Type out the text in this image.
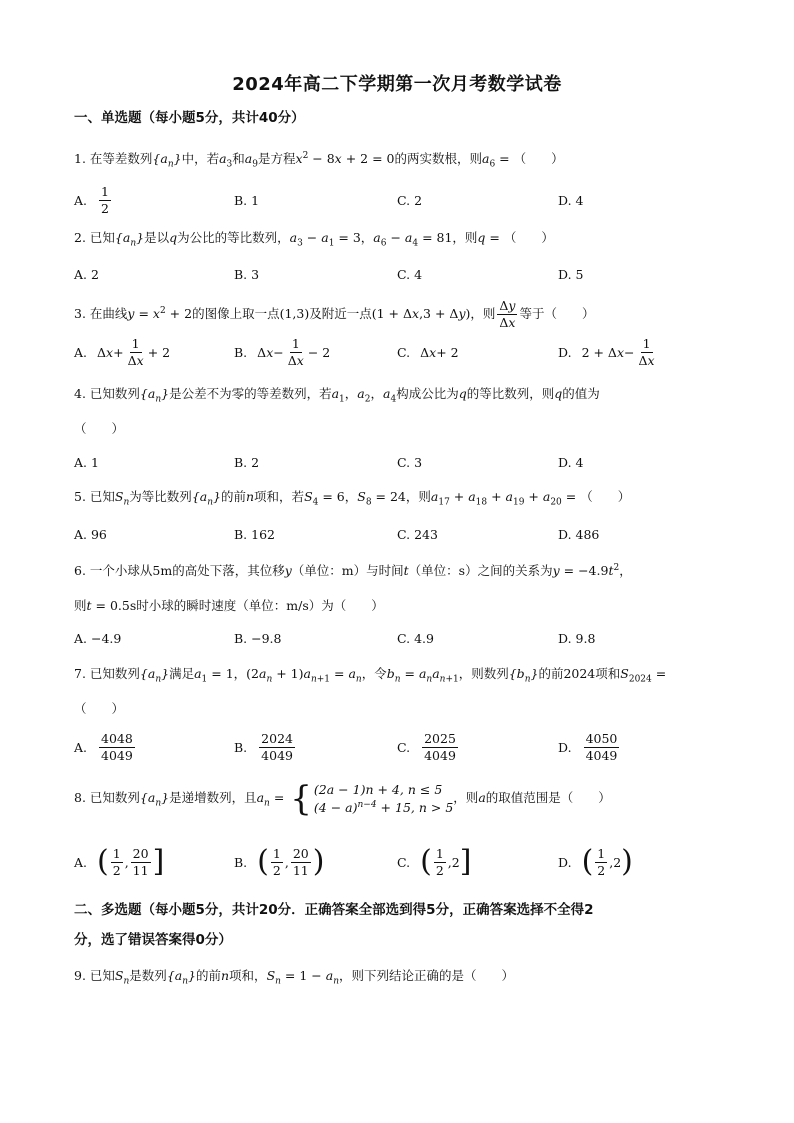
2024年高二下学期第一次月考数学试卷
一、单选题（每小题5分，共计40分）
1. 在等差数列$\{a_n\}$中，若$a_3$和$a_9$是方程$x^2 - 8x + 2 = 0$的两实数根，则$a_6$ = （　　）
A. $\frac{1}{2}$	B. 1	C. 2	D. 4
2. 已知$\{a_n\}$是以q为公比的等比数列，$a_3 - a_1 = 3$，$a_6 - a_4 = 81$，则q = （　　）
A. 2	B. 3	C. 4	D. 5
3. 在曲线$y = x^2 + 2$的图像上取一点(1,3)及附近一点(1 + Δx,3 + Δy)，则 $\frac{\Delta y}{\Delta x}$ 等于（　　）
A. Δ $x + \frac{1}{\Delta x} + 2$	B. Δ $x - \frac{1}{\Delta x} - 2$	C. Δ x + 2	D. 2 + Δ $x - \frac{1}{\Delta x}$
4. 已知数列$\{a_n\}$是公差不为零的等差数列，若$a_1$，$a_2$，$a_4$构成公比为q的等比数列，则q的值为
（　　）
A. 1	B. 2	C. 3	D. 4
5. 已知$S_n$为等比数列$\{a_n\}$的前n项和，若$S_4 = 6$，$S_8 = 24$，则$a_{17} + a_{18} + a_{19} + a_{20}$ = （　　）
A. 96	B. 162	C. 243	D. 486
6. 一个小球从5m的高处下落，其位移y（单位：m）与时间t（单位：s）之间的关系为$y = -4.9t^2$，
则t = 0.5s时小球的瞬时速度（单位：m/s）为（　　）
A. −4.9	B. −9.8	C. 4.9	D. 9.8
7. 已知数列$\{a_n\}$满足$a_1 = 1$，$(2a_n + 1)a_{n+1} = a_n$，令$b_n = a_na_{n+1}$，则数列$\{b_n\}$的前2024项和$S_{2024}$ =
（　　）
A. $\frac{4048}{4049}$	B. $\frac{2024}{4049}$	C. $\frac{2025}{4049}$	D. $\frac{4050}{4049}$
8. 已知数列$\{a_n\}$是递增数列，且$a_n$ = { (2a − 1)n + 4, n ≤ 5
$(4 - a)^{n-4} + 15$, n > 5
，则a的取值范围是（　　）
A. ( $\frac{1}{2}$ , $\frac{20}{11}$ ]	B. ( $\frac{1}{2}$ , $\frac{20}{11}$ )	C. ( $\frac{1}{2} ,2$ ]	D. ( $\frac{1}{2} ,2$ )
二、多选题（每小题5分，共计20分．正确答案全部选到得5分，正确答案选择不全得2
分，选了错误答案得0分）
9. 已知$S_n$是数列$\{a_n\}$的前n项和，$S_n = 1 - a_n$，则下列结论正确的是（　　）
